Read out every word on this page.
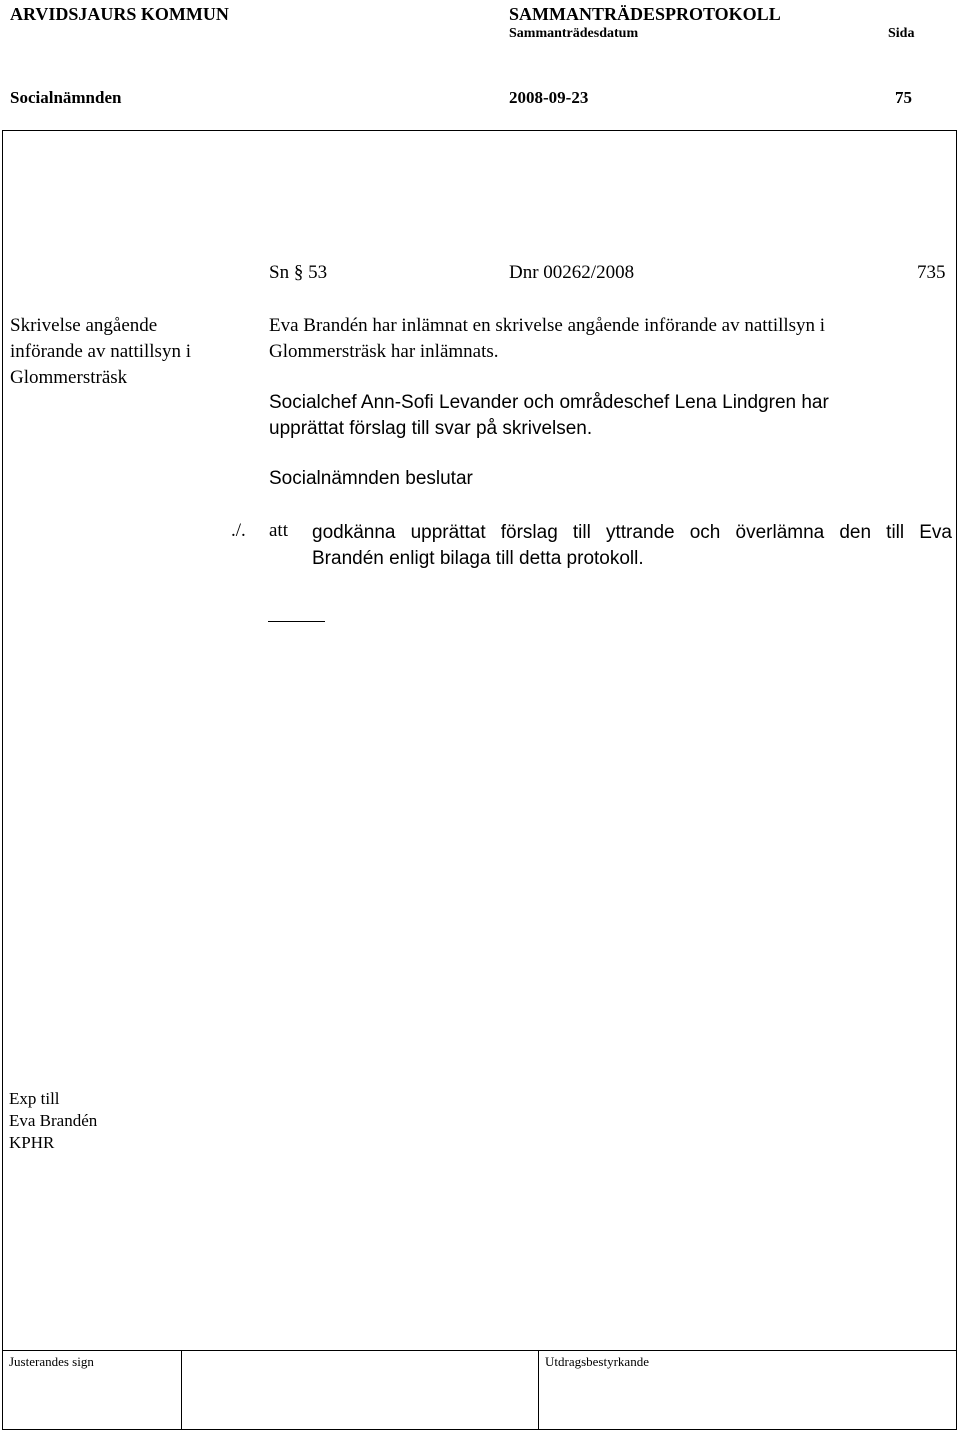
ARVIDSJAURS KOMMUN	SAMMANTRÄDESPROTOKOLL
Sammanträdesdatum	Sida
Socialnämnden	2008-09-23	75
Sn § 53	Dnr 00262/2008	735
Skrivelse angående
införande av nattillsyn i
Glommersträsk
Eva Brandén har inlämnat en skrivelse angående införande av nattillsyn i
Glommersträsk har inlämnats.
Socialchef Ann-Sofi Levander och områdeschef Lena Lindgren har
upprättat förslag till svar på skrivelsen.
Socialnämnden beslutar
./. att godkänna upprättat förslag till yttrande och överlämna den till Eva
Brandén enligt bilaga till detta protokoll.
Exp till
Eva Brandén
KPHR
Justerandes sign	Utdragsbestyrkande
